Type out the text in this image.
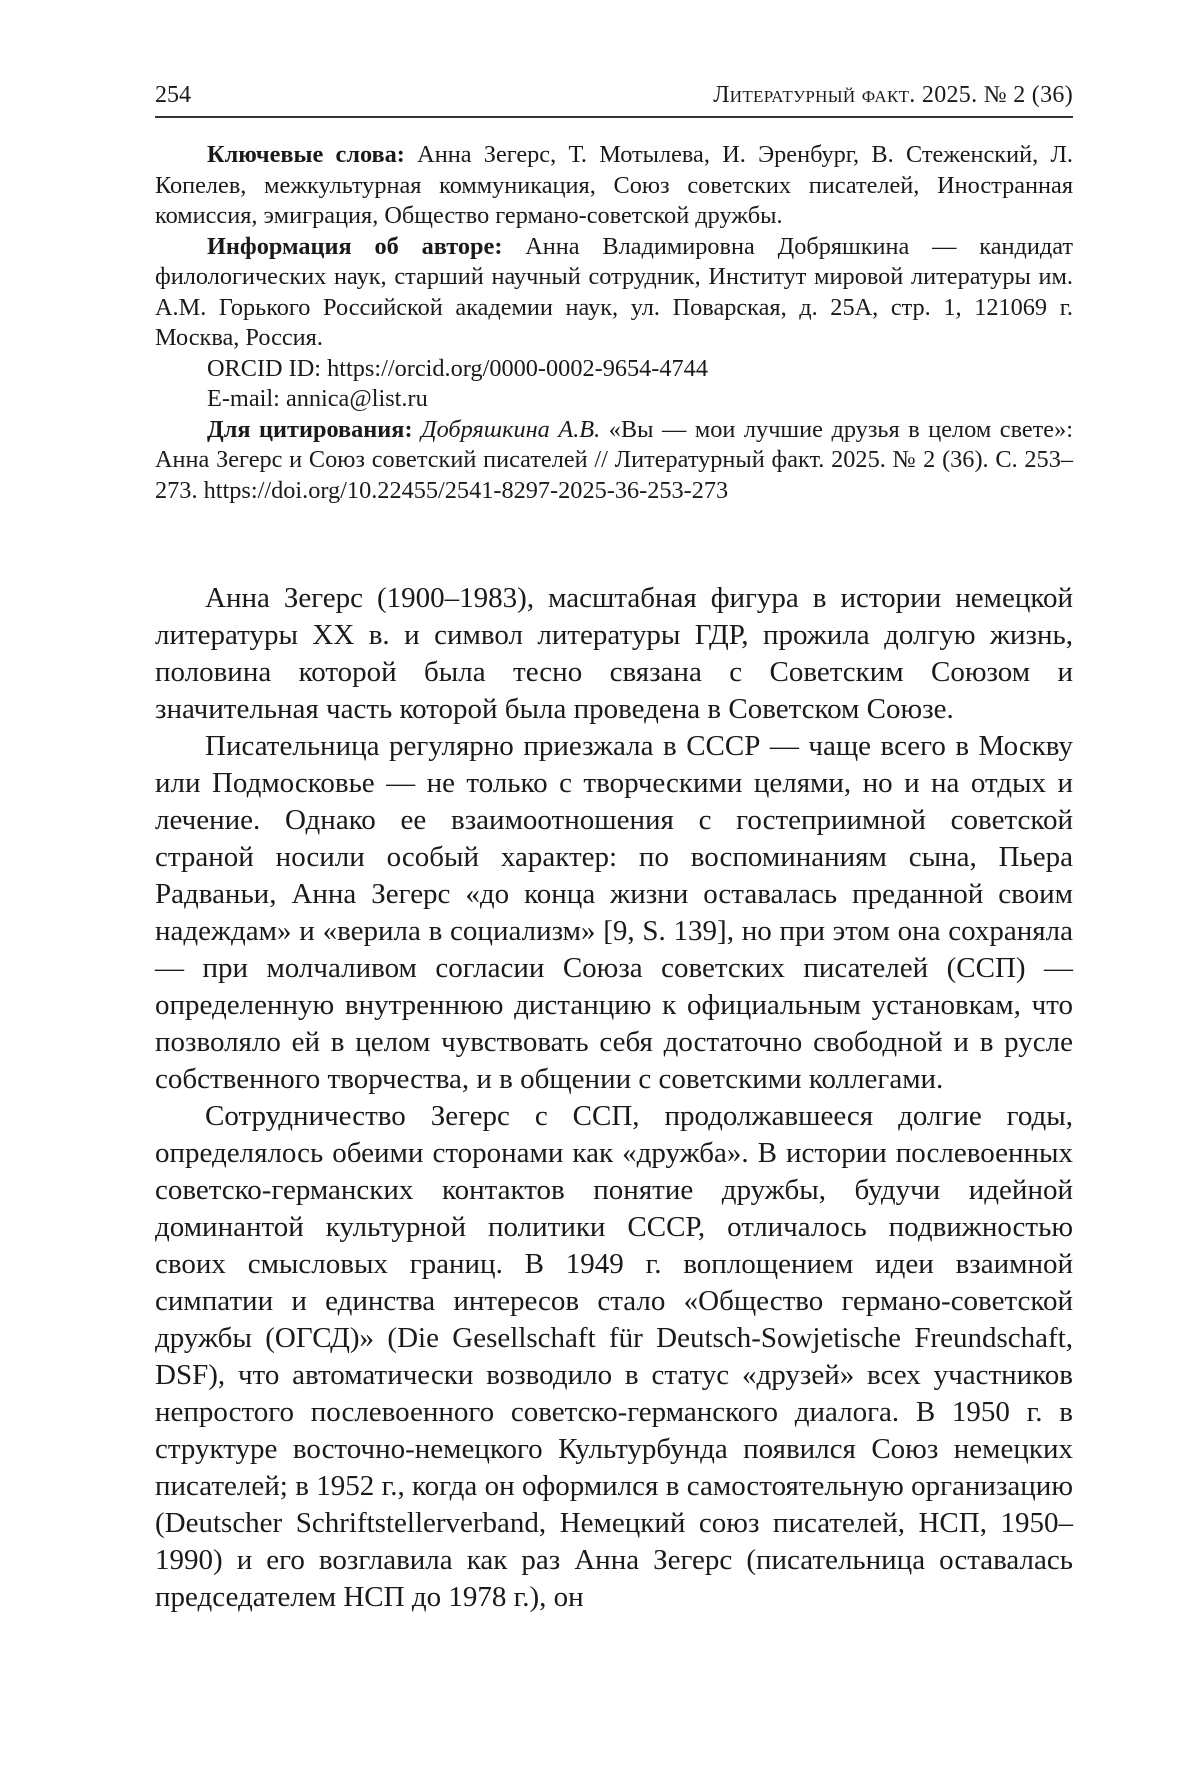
254	Литературный факт. 2025. № 2 (36)

Ключевые слова: Анна Зегерс, Т. Мотылева, И. Эренбург, В. Стеженский, Л. Копелев, межкультурная коммуникация, Союз советских писателей, Иностранная комиссия, эмиграция, Общество германо-советской дружбы.

Информация об авторе: Анна Владимировна Добряшкина — кандидат филологических наук, старший научный сотрудник, Институт мировой литературы им. А.М. Горького Российской академии наук, ул. Поварская, д. 25А, стр. 1, 121069 г. Москва, Россия.

ORCID ID: https://orcid.org/0000-0002-9654-4744

E-mail: annica@list.ru

Для цитирования: Добряшкина А.В. «Вы — мои лучшие друзья в целом свете»: Анна Зегерс и Союз советский писателей // Литературный факт. 2025. № 2 (36). С. 253–273. https://doi.org/10.22455/2541-8297-2025-36-253-273

Анна Зегерс (1900–1983), масштабная фигура в истории немецкой литературы XX в. и символ литературы ГДР, прожила долгую жизнь, половина которой была тесно связана с Советским Союзом и значительная часть которой была проведена в Советском Союзе.

Писательница регулярно приезжала в СССР — чаще всего в Москву или Подмосковье — не только с творческими целями, но и на отдых и лечение. Однако ее взаимоотношения с гостеприимной советской страной носили особый характер: по воспоминаниям сына, Пьера Радваньи, Анна Зегерс «до конца жизни оставалась преданной своим надеждам» и «верила в социализм» [9, S. 139], но при этом она сохраняла — при молчаливом согласии Союза советских писателей (ССП) — определенную внутреннюю дистанцию к официальным установкам, что позволяло ей в целом чувствовать себя достаточно свободной и в русле собственного творчества, и в общении с советскими коллегами.

Сотрудничество Зегерс с ССП, продолжавшееся долгие годы, определялось обеими сторонами как «дружба». В истории послевоенных советско-германских контактов понятие дружбы, будучи идейной доминантой культурной политики СССР, отличалось подвижностью своих смысловых границ. В 1949 г. воплощением идеи взаимной симпатии и единства интересов стало «Общество германо-советской дружбы (ОГСД)» (Die Gesellschaft für Deutsch-Sowjetische Freundschaft, DSF), что автоматически возводило в статус «друзей» всех участников непростого послевоенного советско-германского диалога. В 1950 г. в структуре восточно-немецкого Культурбунда появился Союз немецких писателей; в 1952 г., когда он оформился в самостоятельную организацию (Deutscher Schriftstellerverband, Немецкий союз писателей, НСП, 1950–1990) и его возглавила как раз Анна Зегерс (писательница оставалась председателем НСП до 1978 г.), он
